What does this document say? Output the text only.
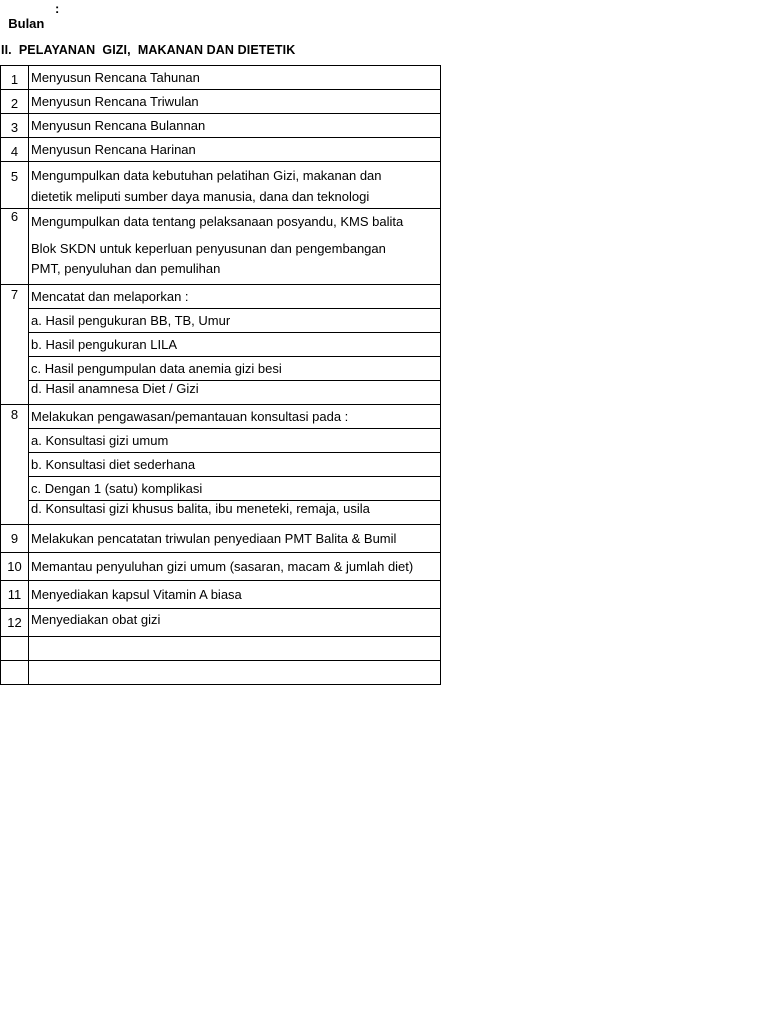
Bulan

:

II.  PELAYANAN  GIZI,  MAKANAN DAN DIETETIK
1	Menyusun Rencana Tahunan

2	Menyusun Rencana Triwulan

3	Menyusun Rencana Bulannan

4	Menyusun Rencana Harinan

5	Mengumpulkan data kebutuhan pelatihan Gizi, makanan dan
dietetik meliputi sumber daya manusia, dana dan teknologi

6	Mengumpulkan data tentang pelaksanaan posyandu, KMS balita
Blok SKDN untuk keperluan penyusunan dan pengembangan
PMT, penyuluhan dan pemulihan

7	Mencatat dan melaporkan :
	a. Hasil pengukuran BB, TB, Umur
	b. Hasil pengukuran LILA
	c. Hasil pengumpulan data anemia gizi besi
	d. Hasil anamnesa Diet / Gizi

8	Melakukan pengawasan/pemantauan konsultasi pada :
	a. Konsultasi gizi umum
	b. Konsultasi diet sederhana
	c. Dengan 1 (satu) komplikasi
	d. Konsultasi gizi khusus balita, ibu meneteki, remaja, usila

9	Melakukan pencatatan triwulan penyediaan PMT Balita & Bumil

10	Memantau penyuluhan gizi umum (sasaran, macam & jumlah diet)

11	Menyediakan kapsul Vitamin A biasa

12	Menyediakan obat gizi
